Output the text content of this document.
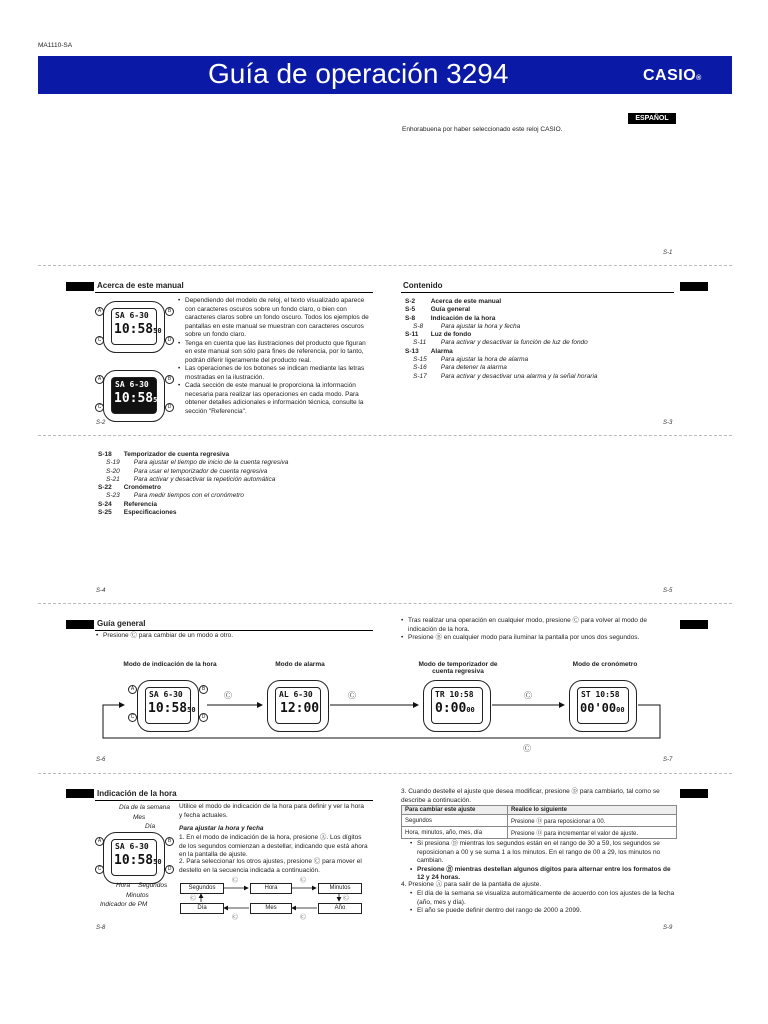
MA1110-SA
Guía de operación 3294	CASIO®
ESPAÑOL
Enhorabuena por haber seleccionado este reloj CASIO.
S-1
Acerca de este manual	Contenido
SA 6-30
10:5850
A
C
B
D
SA 6-30
10:5850
A
C
B
D
• Dependiendo del modelo de reloj, el texto visualizado aparece con caracteres oscuros sobre un fondo claro, o bien con caracteres claros sobre un fondo oscuro. Todos los ejemplos de pantallas en este manual se muestran con caracteres oscuros sobre un fondo claro.
• Tenga en cuenta que las ilustraciones del producto que figuran en este manual son sólo para fines de referencia, por lo tanto, podrán diferir ligeramente del producto real.
• Las operaciones de los botones se indican mediante las letras mostradas en la ilustración.
• Cada sección de este manual le proporciona la información necesaria para realizar las operaciones en cada modo. Para obtener detalles adicionales e información técnica, consulte la sección "Referencia".
S-2	Acerca de este manual
S-5	Guía general
S-8	Indicación de la hora
S-8	Para ajustar la hora y fecha
S-11	Luz de fondo
S-11	Para activar y desactivar la función de luz de fondo
S-13	Alarma
S-15	Para ajustar la hora de alarma
S-16	Para detener la alarma
S-17	Para activar y desactivar una alarma y la señal horaria
S-2	S-3
S-18	Temporizador de cuenta regresiva
S-19	Para ajustar el tiempo de inicio de la cuenta regresiva
S-20	Para usar el temporizador de cuenta regresiva
S-21	Para activar y desactivar la repetición automática
S-22	Cronómetro
S-23	Para medir tiempos con el cronómetro
S-24	Referencia
S-25	Especificaciones
S-4	S-5
Guía general
• Presione Ⓒ para cambiar de un modo a otro.
• Tras realizar una operación en cualquier modo, presione Ⓒ para volver al modo de indicación de la hora.
• Presione Ⓑ en cualquier modo para iluminar la pantalla por unos dos segundos.
Modo de indicación de la hora	Modo de alarma	Modo de temporizador de cuenta regresiva
Modo de cronómetro
SA 6-30
10:5850
A
C
B
D
AL 6-30
12:00
TR 10:58
0:0000
ST 10:58
00'0000
Ⓒ	Ⓒ	Ⓒ
Ⓒ
S-6	S-7
Indicación de la hora
Día de la semana
Mes
Día
SA 6-30
10:5850
A
C
B
D
Hora Segundos
Minutos
Indicador de PM
Utilice el modo de indicación de la hora para definir y ver la hora y fecha actuales.
Para ajustar la hora y fecha
1. En el modo de indicación de la hora, presione Ⓐ. Los dígitos de los segundos comienzan a destellar, indicando que está ahora en la pantalla de ajuste.
2. Para seleccionar los otros ajustes, presione Ⓒ para mover el destello en la secuencia indicada a continuación.
Segundos	Hora	Minutos
Día	Mes	Año
Ⓒ	Ⓒ
Ⓒ	Ⓒ
Ⓒ	Ⓒ
3. Cuando destelle el ajuste que desea modificar, presione Ⓓ para cambiarlo, tal como se describe a continuación.
Para cambiar este ajuste	Realice lo siguiente
Segundos	Presione Ⓓ para reposicionar a 00.
Hora, minutos, año, mes, día	Presione Ⓓ para incrementar el valor de ajuste.
• Si presiona Ⓓ mientras los segundos están en el rango de 30 a 59, los segundos se reposicionan a 00 y se suma 1 a los minutos. En el rango de 00 a 29, los minutos no cambian.
• Presione Ⓑ mientras destellan algunos dígitos para alternar entre los formatos de 12 y 24 horas.
4. Presione Ⓐ para salir de la pantalla de ajuste.
• El día de la semana se visualiza automáticamente de acuerdo con los ajustes de la fecha (año, mes y día).
• El año se puede definir dentro del rango de 2000 a 2099.
S-8	S-9
